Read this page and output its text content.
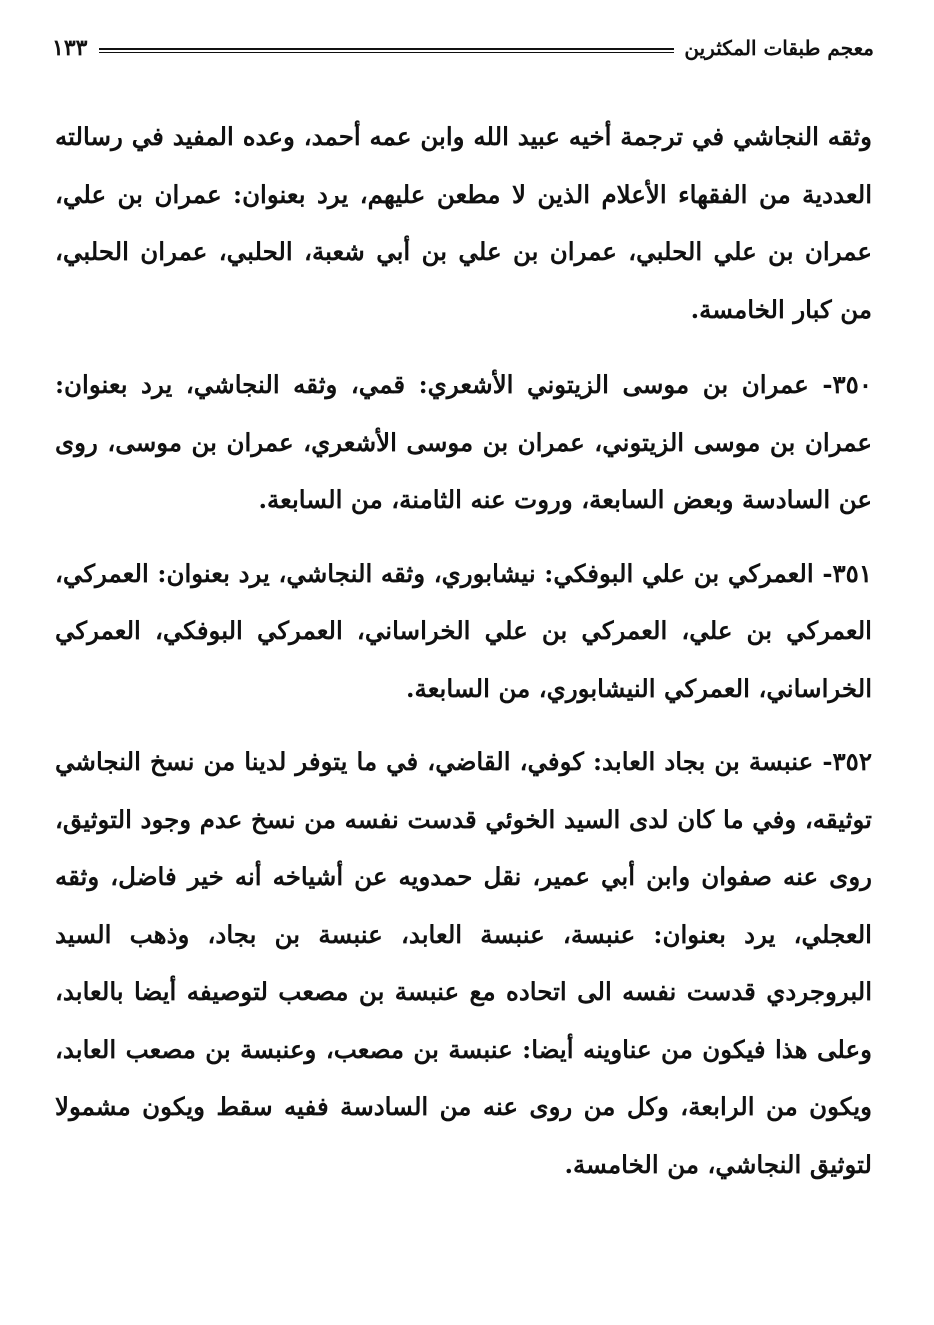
معجم طبقات المكثرين
١٣٣

وثقه النجاشي في ترجمة أخيه عبيد الله وابن عمه أحمد، وعده المفيد في رسالته العددية من الفقهاء الأعلام الذين لا مطعن عليهم، يرد بعنوان: عمران بن علي، عمران بن علي الحلبي، عمران بن علي بن أبي شعبة، الحلبي، عمران الحلبي، من كبار الخامسة.

٣٥٠- عمران بن موسى الزيتوني الأشعري: قمي، وثقه النجاشي، يرد بعنوان: عمران بن موسى الزيتوني، عمران بن موسى الأشعري، عمران بن موسى، روى عن السادسة وبعض السابعة، وروت عنه الثامنة، من السابعة.

٣٥١- العمركي بن علي البوفكي: نيشابوري، وثقه النجاشي، يرد بعنوان: العمركي، العمركي بن علي، العمركي بن علي الخراساني، العمركي البوفكي، العمركي الخراساني، العمركي النيشابوري، من السابعة.

٣٥٢- عنبسة بن بجاد العابد: كوفي، القاضي، في ما يتوفر لدينا من نسخ النجاشي توثيقه، وفي ما كان لدى السيد الخوئي قدست نفسه من نسخ عدم وجود التوثيق، روى عنه صفوان وابن أبي عمير، نقل حمدويه عن أشياخه أنه خير فاضل، وثقه العجلي، يرد بعنوان: عنبسة، عنبسة العابد، عنبسة بن بجاد، وذهب السيد البروجردي قدست نفسه الى اتحاده مع عنبسة بن مصعب لتوصيفه أيضا بالعابد، وعلى هذا فيكون من عناوينه أيضا: عنبسة بن مصعب، وعنبسة بن مصعب العابد، ويكون من الرابعة، وكل من روى عنه من السادسة ففيه سقط ويكون مشمولا لتوثيق النجاشي، من الخامسة.
